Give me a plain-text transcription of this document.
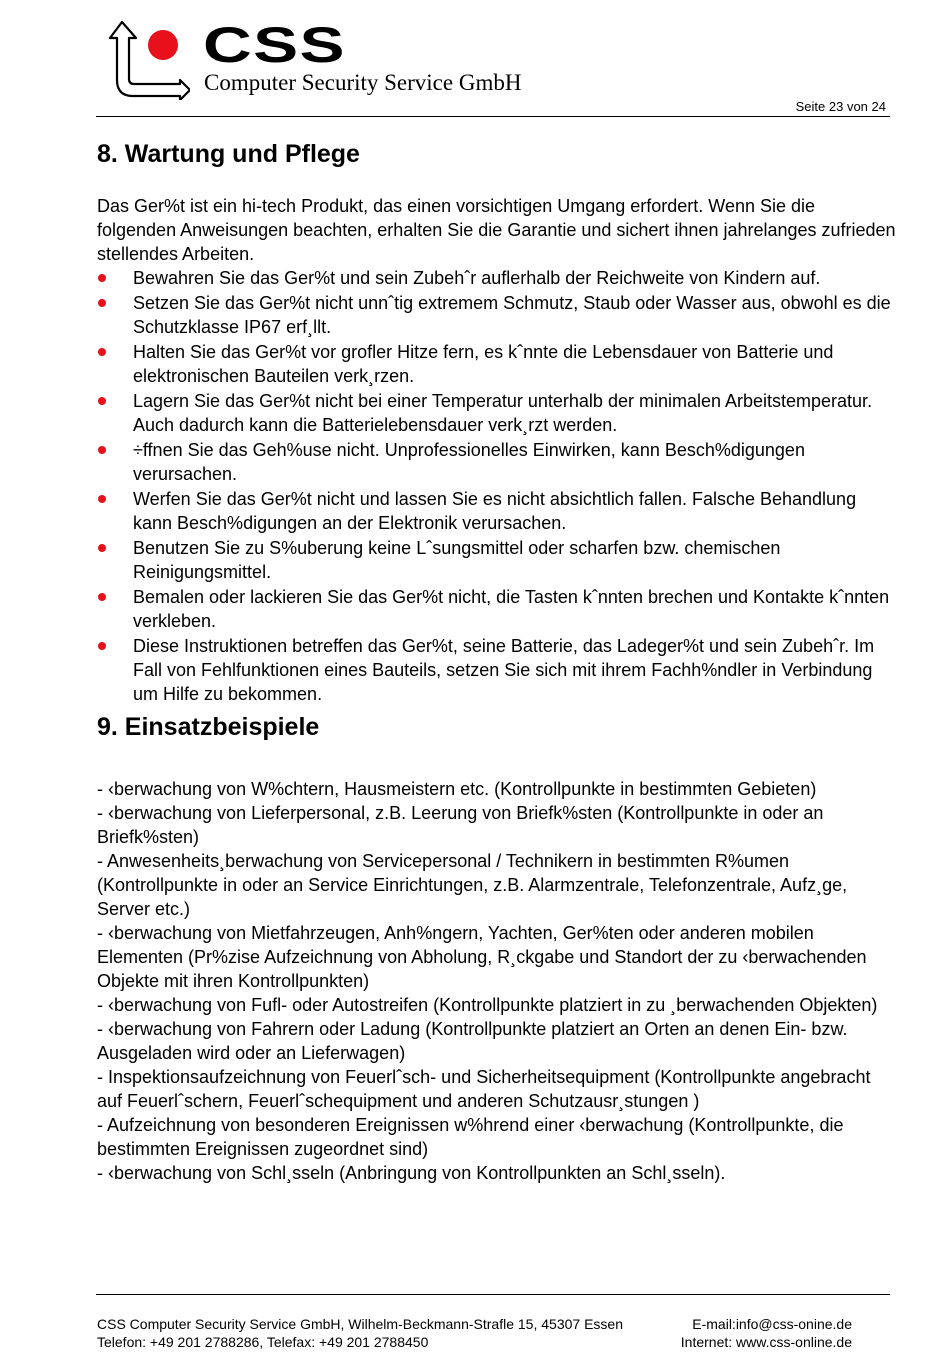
CSS
Computer Security Service GmbH
Seite 23 von 24
8. Wartung und Pflege

Das Ger%t ist ein hi-tech Produkt, das einen vorsichtigen Umgang erfordert. Wenn Sie die folgenden Anweisungen beachten, erhalten Sie die Garantie und sichert ihnen jahrelanges zufrieden stellendes Arbeiten.

Bewahren Sie das Ger%t und sein Zubehˆr auflerhalb der Reichweite von Kindern auf.
Setzen Sie das Ger%t nicht unnˆtig extremem Schmutz, Staub oder Wasser aus, obwohl es die Schutzklasse IP67 erf¸llt.
Halten Sie das Ger%t vor grofler Hitze fern, es kˆnnte die Lebensdauer von Batterie und elektronischen Bauteilen verk¸rzen.
Lagern Sie das Ger%t nicht bei einer Temperatur unterhalb der minimalen Arbeitstemperatur. Auch dadurch kann die Batterielebensdauer verk¸rzt werden.
÷ffnen Sie das Geh%use nicht. Unprofessionelles Einwirken, kann Besch%digungen verursachen.
Werfen Sie das Ger%t nicht und lassen Sie es nicht absichtlich fallen. Falsche Behandlung kann Besch%digungen an der Elektronik verursachen.
Benutzen Sie zu S%uberung keine Lˆsungsmittel oder scharfen bzw. chemischen Reinigungsmittel.
Bemalen oder lackieren Sie das Ger%t nicht, die Tasten kˆnnten brechen und Kontakte kˆnnten verkleben.
Diese Instruktionen betreffen das Ger%t, seine Batterie, das Ladeger%t und sein Zubehˆr. Im Fall von Fehlfunktionen eines Bauteils, setzen Sie sich mit ihrem Fachh%ndler in Verbindung um Hilfe zu bekommen.
9. Einsatzbeispiele

- ‹berwachung von W%chtern, Hausmeistern etc. (Kontrollpunkte in bestimmten Gebieten)

- ‹berwachung von Lieferpersonal, z.B. Leerung von Briefk%sten (Kontrollpunkte in oder an Briefk%sten)

- Anwesenheits¸berwachung von Servicepersonal / Technikern in bestimmten R%umen (Kontrollpunkte in oder an Service Einrichtungen, z.B. Alarmzentrale, Telefonzentrale, Aufz¸ge, Server etc.)

- ‹berwachung von Mietfahrzeugen, Anh%ngern, Yachten, Ger%ten oder anderen mobilen Elementen (Pr%zise Aufzeichnung von Abholung, R¸ckgabe und Standort der zu ‹berwachenden Objekte mit ihren Kontrollpunkten)

- ‹berwachung von Fufl- oder Autostreifen (Kontrollpunkte platziert in zu ¸berwachenden Objekten)

- ‹berwachung von Fahrern oder Ladung (Kontrollpunkte platziert an Orten an denen Ein- bzw. Ausgeladen wird oder an Lieferwagen)

- Inspektionsaufzeichnung von Feuerlˆsch- und Sicherheitsequipment (Kontrollpunkte angebracht auf Feuerlˆschern, Feuerlˆschequipment und anderen Schutzausr¸stungen )

- Aufzeichnung von besonderen Ereignissen w%hrend einer ‹berwachung (Kontrollpunkte, die bestimmten Ereignissen zugeordnet sind)

- ‹berwachung von Schl¸sseln (Anbringung von Kontrollpunkten an Schl¸sseln).

CSS Computer Security Service GmbH, Wilhelm-Beckmann-Strafle 15, 45307 Essen
Telefon: +49 201 2788286, Telefax: +49 201 2788450
E-mail:info@css-onine.de
Internet: www.css-online.de
